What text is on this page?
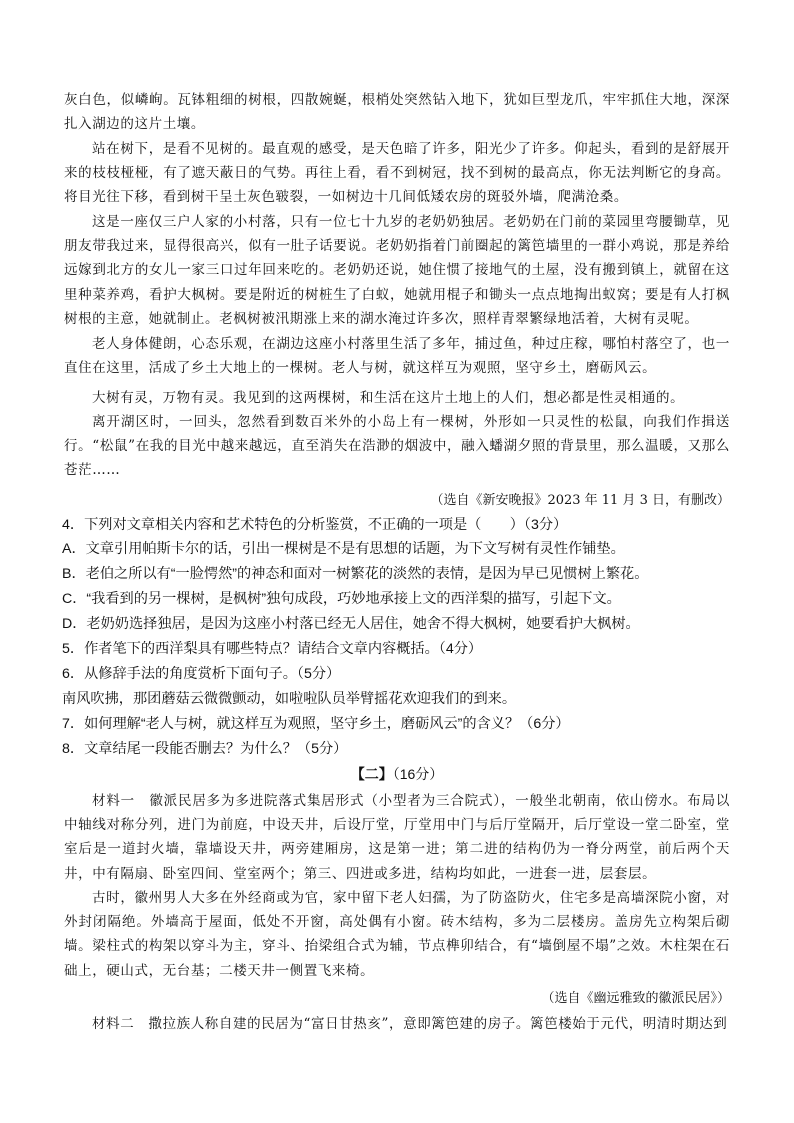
灰白色，似嶙峋。瓦钵粗细的树根，四散婉蜒，根梢处突然钻入地下，犹如巨型龙爪，牢牢抓住大地，深深扎入湖边的这片土壤。

站在树下，是看不见树的。最直观的感受，是天色暗了许多，阳光少了许多。仰起头，看到的是舒展开来的枝枝桠桠，有了遮天蔽日的气势。再往上看，看不到树冠，找不到树的最高点，你无法判断它的身高。将目光往下移，看到树干呈土灰色皲裂，一如树边十几间低矮农房的斑驳外墙，爬满沧桑。

这是一座仅三户人家的小村落，只有一位七十九岁的老奶奶独居。老奶奶在门前的菜园里弯腰锄草，见朋友带我过来，显得很高兴，似有一肚子话要说。老奶奶指着门前圈起的篱笆墙里的一群小鸡说，那是养给远嫁到北方的女儿一家三口过年回来吃的。老奶奶还说，她住惯了接地气的土屋，没有搬到镇上，就留在这里种菜养鸡，看护大枫树。要是附近的树桩生了白蚁，她就用棍子和锄头一点点地掏出蚁窝；要是有人打枫树根的主意，她就制止。老枫树被汛期涨上来的湖水淹过许多次，照样青翠繁绿地活着，大树有灵呢。

老人身体健朗，心态乐观，在湖边这座小村落里生活了多年，捕过鱼，种过庄稼，哪怕村落空了，也一直住在这里，活成了乡土大地上的一棵树。老人与树，就这样互为观照，坚守乡土，磨砺风云。

大树有灵，万物有灵。我见到的这两棵树，和生活在这片土地上的人们，想必都是性灵相通的。

离开湖区时，一回头，忽然看到数百米外的小岛上有一棵树，外形如一只灵性的松鼠，向我们作揖送行。“松鼠”在我的目光中越来越远，直至消失在浩渺的烟波中，融入蟠湖夕照的背景里，那么温暖，又那么苍茫……

（选自《新安晚报》2023 年 11 月 3 日，有删改）

4．下列对文章相关内容和艺术特色的分析鉴赏，不正确的一项是（　　）（3分）

A．文章引用帕斯卡尔的话，引出一棵树是不是有思想的话题，为下文写树有灵性作铺垫。

B．老伯之所以有“一脸愕然”的神态和面对一树繁花的淡然的表情，是因为早已见惯树上繁花。

C．“我看到的另一棵树，是枫树”独句成段，巧妙地承接上文的西洋梨的描写，引起下文。

D．老奶奶选择独居，是因为这座小村落已经无人居住，她舍不得大枫树，她要看护大枫树。

5．作者笔下的西洋梨具有哪些特点？请结合文章内容概括。（4分）

6．从修辞手法的角度赏析下面句子。（5分）

南风吹拂，那团蘑菇云微微颤动，如啦啦队员举臂摇花欢迎我们的到来。

7．如何理解“老人与树，就这样互为观照，坚守乡土，磨砺风云”的含义？（6分）

8．文章结尾一段能否删去？为什么？（5分）

【二】（16分）

材料一　徽派民居多为多进院落式集居形式（小型者为三合院式），一般坐北朝南，依山傍水。布局以中轴线对称分列，进门为前庭，中设天井，后设厅堂，厅堂用中门与后厅堂隔开，后厅堂设一堂二卧室，堂室后是一道封火墙，靠墙设天井，两旁建厢房，这是第一进；第二进的结构仍为一脊分两堂，前后两个天井，中有隔扇、卧室四间、堂室两个；第三、四进或多进，结构均如此，一进套一进，层套层。

古时，徽州男人大多在外经商或为官，家中留下老人妇孺，为了防盗防火，住宅多是高墙深院小窗，对外封闭隔绝。外墙高于屋面，低处不开窗，高处偶有小窗。砖木结构，多为二层楼房。盖房先立构架后砌墙。梁柱式的构架以穿斗为主，穿斗、抬梁组合式为辅，节点榫卯结合，有“墙倒屋不塌”之效。木柱架在石础上，硬山式，无台基；二楼天井一侧置飞来椅。

（选自《幽远雅致的徽派民居》）

材料二　撒拉族人称自建的民居为“富日甘热亥”，意即篱笆建的房子。篱笆楼始于元代，明清时期达到
